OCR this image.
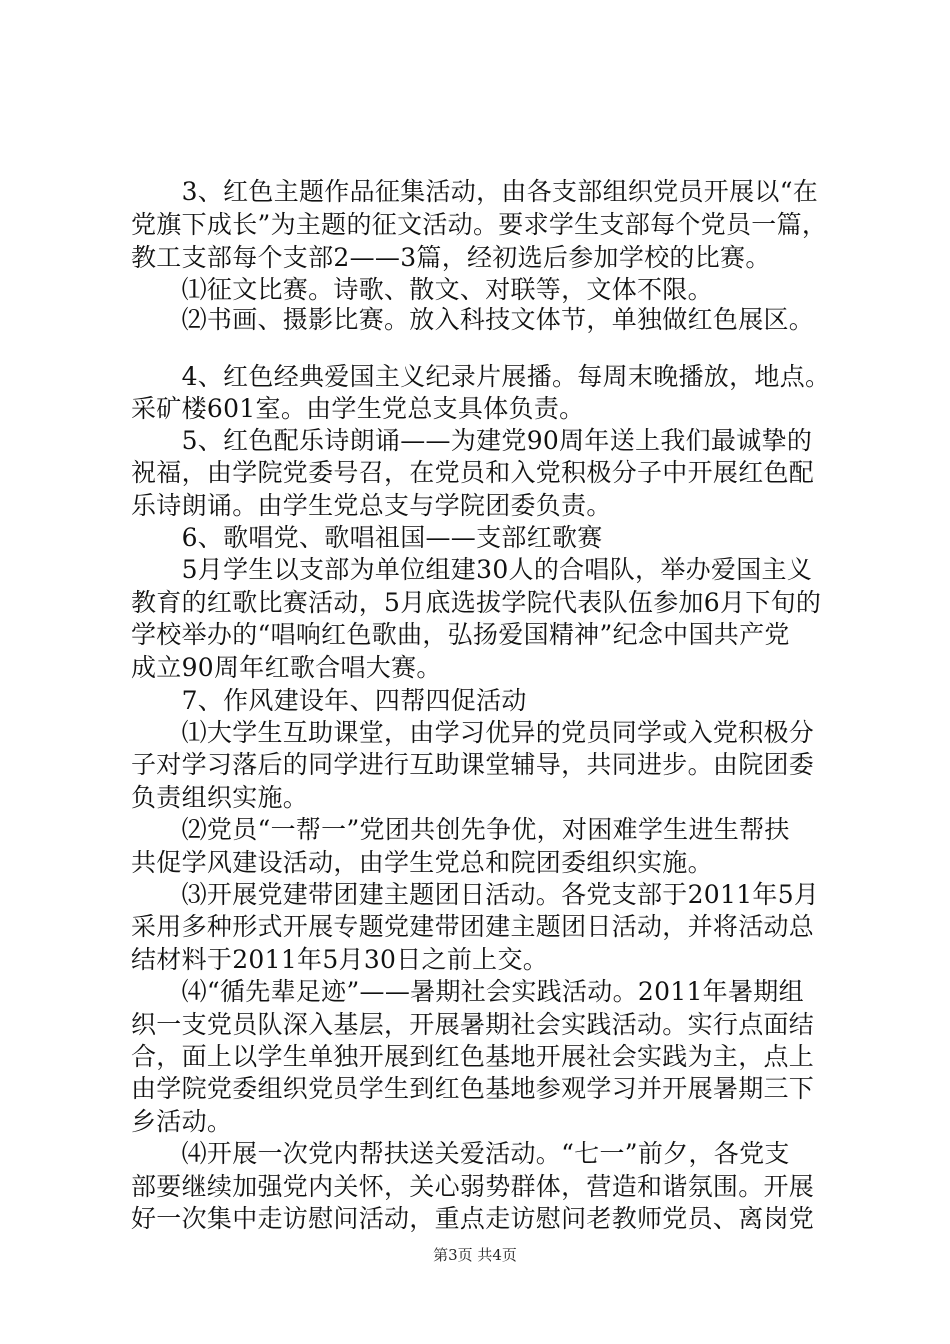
　　3、红色主题作品征集活动，由各支部组织党员开展以“在
党旗下成长”为主题的征文活动。要求学生支部每个党员一篇，
教工支部每个支部2——3篇，经初选后参加学校的比赛。
　　⑴征文比赛。诗歌、散文、对联等，文体不限。
　　⑵书画、摄影比赛。放入科技文体节，单独做红色展区。
　　4、红色经典爱国主义纪录片展播。每周末晚播放，地点。
采矿楼601室。由学生党总支具体负责。
　　5、红色配乐诗朗诵——为建党90周年送上我们最诚挚的
祝福，由学院党委号召，在党员和入党积极分子中开展红色配
乐诗朗诵。由学生党总支与学院团委负责。
　　6、歌唱党、歌唱祖国——支部红歌赛
　　5月学生以支部为单位组建30人的合唱队，举办爱国主义
教育的红歌比赛活动，5月底选拔学院代表队伍参加6月下旬的
学校举办的“唱响红色歌曲，弘扬爱国精神”纪念中国共产党
成立90周年红歌合唱大赛。
　　7、作风建设年、四帮四促活动
　　⑴大学生互助课堂，由学习优异的党员同学或入党积极分
子对学习落后的同学进行互助课堂辅导，共同进步。由院团委
负责组织实施。
　　⑵党员“一帮一”党团共创先争优，对困难学生进生帮扶
共促学风建设活动，由学生党总和院团委组织实施。
　　⑶开展党建带团建主题团日活动。各党支部于2011年5月
采用多种形式开展专题党建带团建主题团日活动，并将活动总
结材料于2011年5月30日之前上交。
　　⑷“循先辈足迹”——暑期社会实践活动。2011年暑期组
织一支党员队深入基层，开展暑期社会实践活动。实行点面结
合，面上以学生单独开展到红色基地开展社会实践为主，点上
由学院党委组织党员学生到红色基地参观学习并开展暑期三下
乡活动。
　　⑷开展一次党内帮扶送关爱活动。“七一”前夕，各党支
部要继续加强党内关怀，关心弱势群体，营造和谐氛围。开展
好一次集中走访慰问活动，重点走访慰问老教师党员、离岗党
第3页 共4页
